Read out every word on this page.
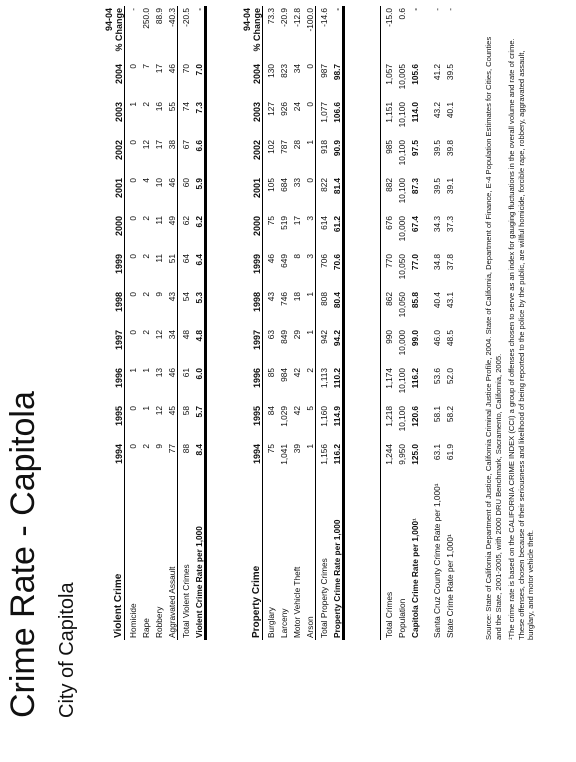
Crime Rate - Capitola City of Capitola	Violent Crime	1994	1995	1996	1997	1998	1999	2000	2001	2002	2003	2004	94-04 % Change

Homicide	0	0	1	0	0	0	0	0	0	1	0	-
Rape	2	1	1	2	2	2	2	4	12	2	7	250.0
Robbery	9	12	13	12	9	11	11	10	17	16	17	88.9
Aggravated Assault	77	45	46	34	43	51	49	46	38	55	46	-40.3
Total Violent Crimes	88	58	61	48	54	64	62	60	67	74	70	-20.5
Violent Crime Rate per 1,000	8.4	5.7	6.0	4.8	5.3	6.4	6.2	5.9	6.6	7.3	7.0	-
Property Crime	1994	1995	1996	1997	1998	1999	2000	2001	2002	2003	2004	94-04 % Change

Burglary	75	84	85	63	43	46	75	105	102	127	130	73.3
Larceny	1,041	1,029	984	849	746	649	519	684	787	926	823	-20.9
Motor Vehicle Theft	39	42	42	29	18	8	17	33	28	24	34	-12.8
Arson	1	5	2	1	1	3	3	0	1	0	0	-100.0
Total Property Crimes	1,156	1,160	1,113	942	808	706	614	822	918	1,077	987	-14.6
Property Crime Rate per 1,000	116.2	114.9	110.2	94.2	80.4	70.6	61.2	81.4	90.9	106.6	98.7	-
Total Crimes	1,244	1,218	1,174	990	862	770	676	882	985	1,151	1,057	-15.0
Population	9,950	10,100	10,100	10,000	10,050	10,050	10,000	10,100	10,100	10,100	10,005	0.6
Capitola Crime Rate per 1,000¹	125.0	120.6	116.2	99.0	85.8	77.0	67.4	87.3	97.5	114.0	105.6	-
Santa Cruz County Crime Rate per 1,000¹	63.1	58.1	53.6	46.0	40.4	34.8	34.3	39.5	39.5	43.2	41.2	-
State Crime Rate per 1,000¹	61.9	58.2	52.0	48.5	43.1	37.8	37.3	39.1	39.8	40.1	39.5	-

Source: State of California Department of Justice, California Criminal Justice Profile, 2004. State of California, Department of Finance, E-4 Population Estimates for Cities, Counties and the State, 2001-2005, with 2000 DRU Benchmark, Sacramento, California, 2005. ¹The crime rate is based on the CALIFORNIA CRIME INDEX (CCI) a group of offenses chosen to serve as an index for gauging fluctuations in the overall volume and rate of crime. These offenses, chosen because of their seriousness and likelihood of being reported to the police by the public, are willful homicide, forcible rape, robbery, aggravated assault, burglary, and motor vehicle theft.
